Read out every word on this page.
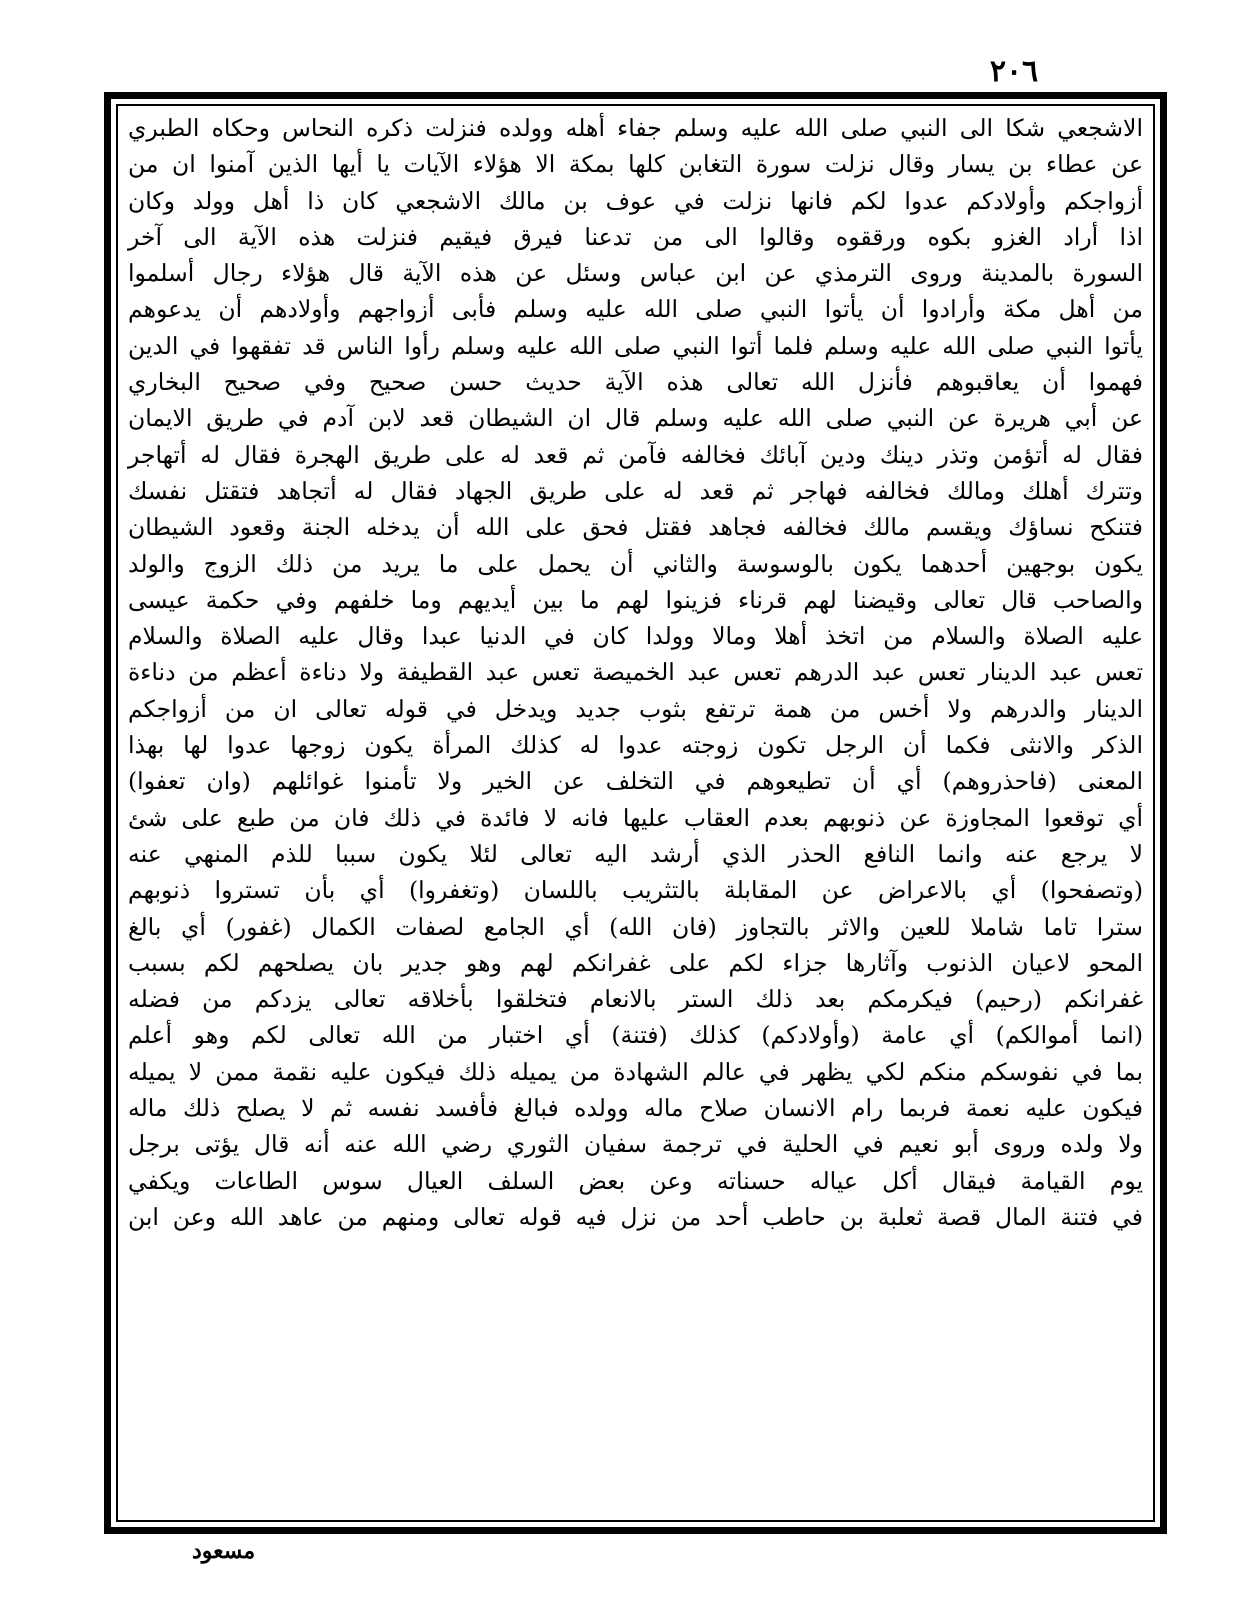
٢٠٦
الاشجعي شكا الى النبي صلى الله عليه وسلم جفاء أهله وولده فنزلت ذكره النحاس وحكاه الطبري
عن عطاء بن يسار وقال نزلت سورة التغابن كلها بمكة الا هؤلاء الآيات يا أيها الذين آمنوا ان من
أزواجكم وأولادكم عدوا لكم فانها نزلت في عوف بن مالك الاشجعي كان ذا أهل وولد وكان
اذا أراد الغزو بكوه ورققوه وقالوا الى من تدعنا فيرق فيقيم فنزلت هذه الآية الى آخر
السورة بالمدينة وروى الترمذي عن ابن عباس وسئل عن هذه الآية قال هؤلاء رجال أسلموا
من أهل مكة وأرادوا أن يأتوا النبي صلى الله عليه وسلم فأبى أزواجهم وأولادهم أن يدعوهم
يأتوا النبي صلى الله عليه وسلم فلما أتوا النبي صلى الله عليه وسلم رأوا الناس قد تفقهوا في الدين
فهموا أن يعاقبوهم فأنزل الله تعالى هذه الآية حديث حسن صحيح وفي صحيح البخاري
عن أبي هريرة عن النبي صلى الله عليه وسلم قال ان الشيطان قعد لابن آدم في طريق الايمان
فقال له أتؤمن وتذر دينك ودين آبائك فخالفه فآمن ثم قعد له على طريق الهجرة فقال له أتهاجر
وتترك أهلك ومالك فخالفه فهاجر ثم قعد له على طريق الجهاد فقال له أتجاهد فتقتل نفسك
فتنكح نساؤك ويقسم مالك فخالفه فجاهد فقتل فحق على الله أن يدخله الجنة وقعود الشيطان
يكون بوجهين أحدهما يكون بالوسوسة والثاني أن يحمل على ما يريد من ذلك الزوج والولد
والصاحب قال تعالى وقيضنا لهم قرناء فزينوا لهم ما بين أيديهم وما خلفهم وفي حكمة عيسى
عليه الصلاة والسلام من اتخذ أهلا ومالا وولدا كان في الدنيا عبدا وقال عليه الصلاة والسلام
تعس عبد الدينار تعس عبد الدرهم تعس عبد الخميصة تعس عبد القطيفة ولا دناءة أعظم من دناءة
الدينار والدرهم ولا أخس من همة ترتفع بثوب جديد ويدخل في قوله تعالى ان من أزواجكم
الذكر والانثى فكما أن الرجل تكون زوجته عدوا له كذلك المرأة يكون زوجها عدوا لها بهذا
المعنى (فاحذروهم) أي أن تطيعوهم في التخلف عن الخير ولا تأمنوا غوائلهم (وان تعفوا)
أي توقعوا المجاوزة عن ذنوبهم بعدم العقاب عليها فانه لا فائدة في ذلك فان من طبع على شئ
لا يرجع عنه وانما النافع الحذر الذي أرشد اليه تعالى لئلا يكون سببا للذم المنهي عنه
(وتصفحوا) أي بالاعراض عن المقابلة بالتثريب باللسان (وتغفروا) أي بأن تستروا ذنوبهم
سترا تاما شاملا للعين والاثر بالتجاوز (فان الله) أي الجامع لصفات الكمال (غفور) أي بالغ
المحو لاعيان الذنوب وآثارها جزاء لكم على غفرانكم لهم وهو جدير بان يصلحهم لكم بسبب
غفرانكم (رحيم) فيكرمكم بعد ذلك الستر بالانعام فتخلقوا بأخلاقه تعالى يزدكم من فضله
(انما أموالكم) أي عامة (وأولادكم) كذلك (فتنة) أي اختبار من الله تعالى لكم وهو أعلم
بما في نفوسكم منكم لكي يظهر في عالم الشهادة من يميله ذلك فيكون عليه نقمة ممن لا يميله
فيكون عليه نعمة فربما رام الانسان صلاح ماله وولده فبالغ فأفسد نفسه ثم لا يصلح ذلك ماله
ولا ولده وروى أبو نعيم في الحلية في ترجمة سفيان الثوري رضي الله عنه أنه قال يؤتى برجل
يوم القيامة فيقال أكل عياله حسناته وعن بعض السلف العيال سوس الطاعات ويكفي
في فتنة المال قصة ثعلبة بن حاطب أحد من نزل فيه قوله تعالى ومنهم من عاهد الله وعن ابن
مسعود
